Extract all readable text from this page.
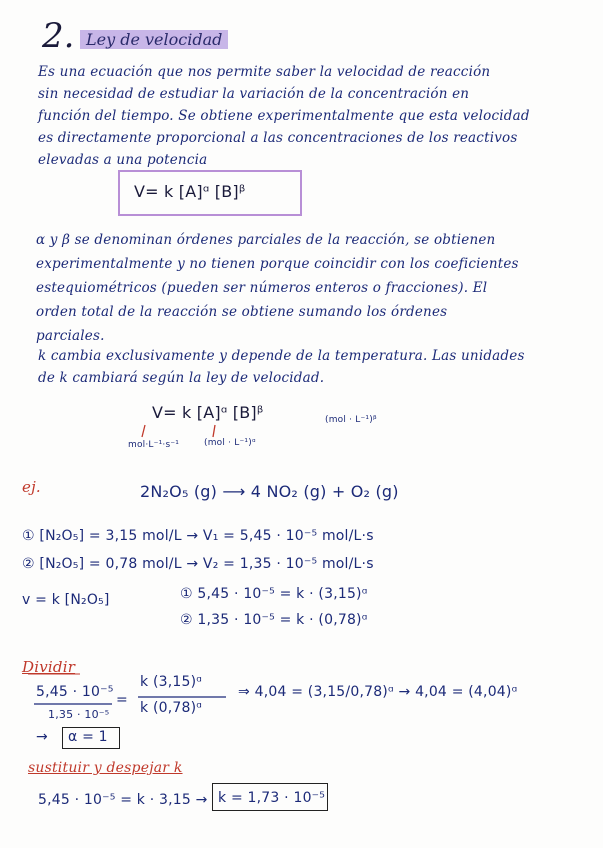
2. Ley de velocidad
Es una ecuación que nos permite saber la velocidad de reacción
sin necesidad de estudiar la variación de la concentración en
función del tiempo. Se obtiene experimentalmente que esta velocidad
es directamente proporcional a las concentraciones de los reactivos
elevadas a una potencia
V= k [A]ᵅ [B]ᵝ
α y β se denominan órdenes parciales de la reacción, se obtienen
experimentalmente y no tienen porque coincidir con los coeficientes
estequiométricos (pueden ser números enteros o fracciones). El
orden total de la reacción se obtiene sumando los órdenes
parciales.
k cambia exclusivamente y depende de la temperatura. Las unidades
de k cambiará según la ley de velocidad.
V= k [A]ᵅ [B]ᵝ	(mol · L⁻¹)ᵝ
mol·L⁻¹·s⁻¹	(mol · L⁻¹)ᵅ
ej.	2N₂O₅ (g) ⟶ 4 NO₂ (g) + O₂ (g)
① [N₂O₅] = 3,15 mol/L → V₁ = 5,45 · 10⁻⁵ mol/L·s
② [N₂O₅] = 0,78 mol/L → V₂ = 1,35 · 10⁻⁵ mol/L·s
v = k [N₂O₅]	① 5,45 · 10⁻⁵ = k · (3,15)ᵅ
② 1,35 · 10⁻⁵ = k · (0,78)ᵅ
Dividir
5,45 · 10⁻⁵
1,35 · 10⁻⁵
=
k (3,15)ᵅ
k (0,78)ᵅ
⇒ 4,04 = (3,15/0,78)ᵅ → 4,04 = (4,04)ᵅ
→ α = 1
sustituir y despejar k
5,45 · 10⁻⁵ = k · 3,15 → k = 1,73 · 10⁻⁵
